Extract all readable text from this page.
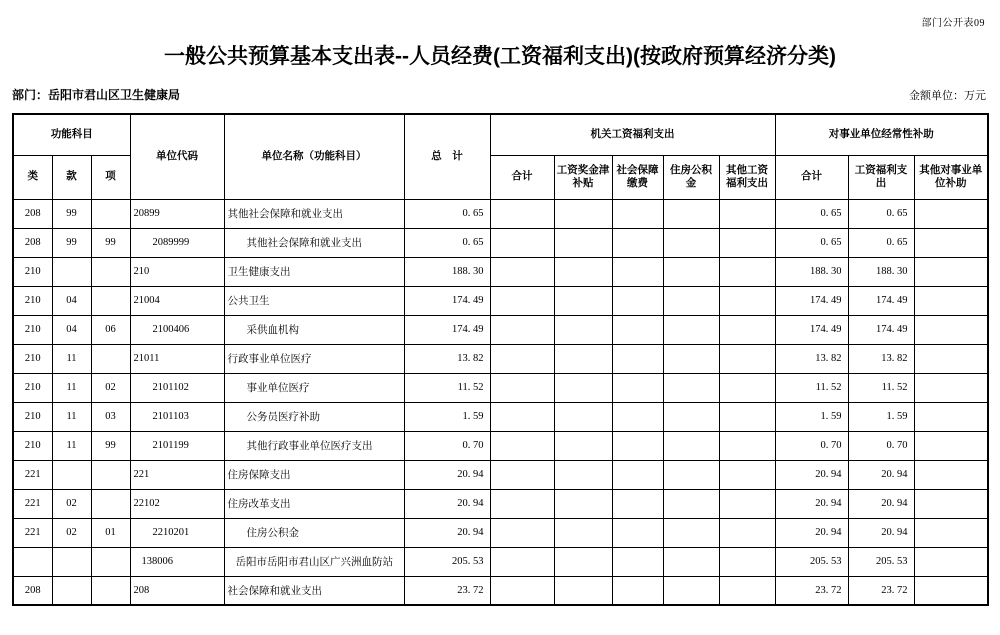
部门公开表09
一般公共预算基本支出表--人员经费(工资福利支出)(按政府预算经济分类)
部门：岳阳市君山区卫生健康局	金额单位：万元
功能科目			单位代码	单位名称（功能科目）	总　计	机关工资福利支出					对事业单位经常性补助		
类	款	项				合计	工资奖金津补贴	社会保障缴费	住房公积金	其他工资福利支出	合计	工资福利支出	其他对事业单位补助
208	99		20899	其他社会保障和就业支出	0. 65						0. 65	0. 65	
208	99	99	2089999	其他社会保障和就业支出	0. 65						0. 65	0. 65	
210			210	卫生健康支出	188. 30						188. 30	188. 30	
210	04		21004	公共卫生	174. 49						174. 49	174. 49	
210	04	06	2100406	采供血机构	174. 49						174. 49	174. 49	
210	11		21011	行政事业单位医疗	13. 82						13. 82	13. 82	
210	11	02	2101102	事业单位医疗	11. 52						11. 52	11. 52	
210	11	03	2101103	公务员医疗补助	1. 59						1. 59	1. 59	
210	11	99	2101199	其他行政事业单位医疗支出	0. 70						0. 70	0. 70	
221			221	住房保障支出	20. 94						20. 94	20. 94	
221	02		22102	住房改革支出	20. 94						20. 94	20. 94	
221	02	01	2210201	住房公积金	20. 94						20. 94	20. 94	
			138006	岳阳市岳阳市君山区广兴洲血防站	205. 53						205. 53	205. 53	
208			208	社会保障和就业支出	23. 72						23. 72	23. 72	
